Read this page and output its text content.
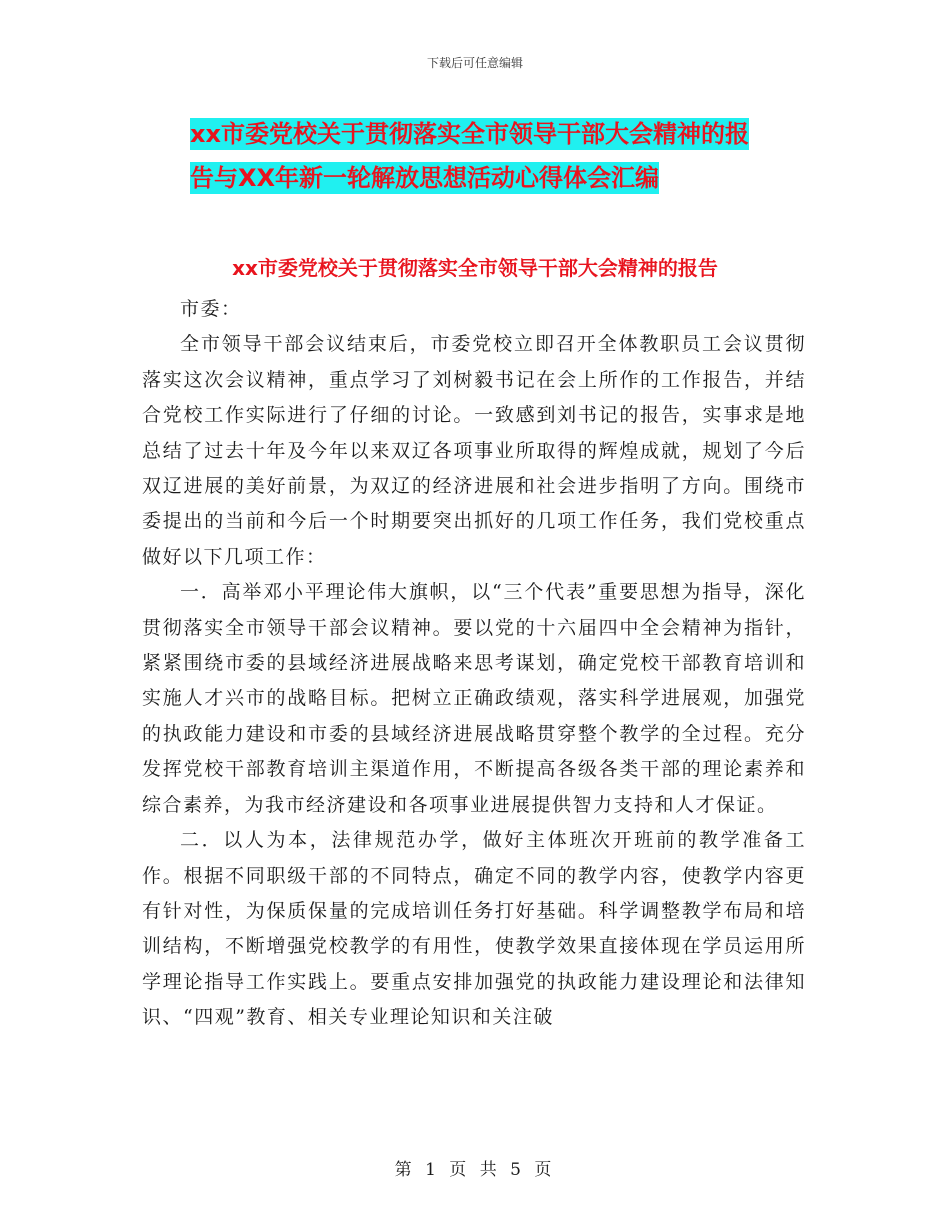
下载后可任意编辑
xx市委党校关于贯彻落实全市领导干部大会精神的报
告与XX年新一轮解放思想活动心得体会汇编
xx市委党校关于贯彻落实全市领导干部大会精神的报告

市委：

全市领导干部会议结束后，市委党校立即召开全体教职员工会议贯彻落实这次会议精神，重点学习了刘树毅书记在会上所作的工作报告，并结合党校工作实际进行了仔细的讨论。一致感到刘书记的报告，实事求是地总结了过去十年及今年以来双辽各项事业所取得的辉煌成就，规划了今后双辽进展的美好前景，为双辽的经济进展和社会进步指明了方向。围绕市委提出的当前和今后一个时期要突出抓好的几项工作任务，我们党校重点做好以下几项工作：

一．高举邓小平理论伟大旗帜，以“三个代表”重要思想为指导，深化贯彻落实全市领导干部会议精神。要以党的十六届四中全会精神为指针，紧紧围绕市委的县域经济进展战略来思考谋划，确定党校干部教育培训和实施人才兴市的战略目标。把树立正确政绩观，落实科学进展观，加强党的执政能力建设和市委的县域经济进展战略贯穿整个教学的全过程。充分发挥党校干部教育培训主渠道作用，不断提高各级各类干部的理论素养和综合素养，为我市经济建设和各项事业进展提供智力支持和人才保证。

二．以人为本，法律规范办学，做好主体班次开班前的教学准备工作。根据不同职级干部的不同特点，确定不同的教学内容，使教学内容更有针对性，为保质保量的完成培训任务打好基础。科学调整教学布局和培训结构，不断增强党校教学的有用性，使教学效果直接体现在学员运用所学理论指导工作实践上。要重点安排加强党的执政能力建设理论和法律知识、“四观”教育、相关专业理论知识和关注破

第 1 页 共 5 页
